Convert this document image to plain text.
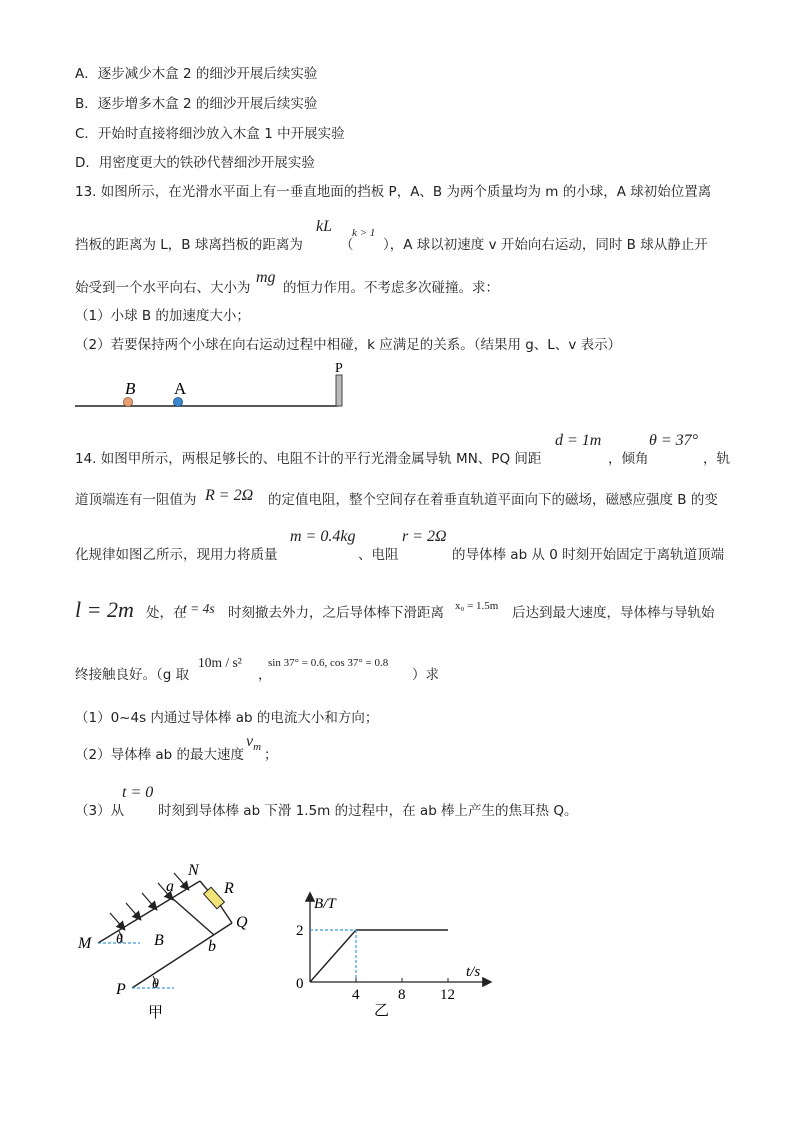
A．逐步减少木盒 2 的细沙开展后续实验
B．逐步增多木盒 2 的细沙开展后续实验
C．开始时直接将细沙放入木盒 1 中开展实验
D．用密度更大的铁砂代替细沙开展实验
13. 如图所示，在光滑水平面上有一垂直地面的挡板 P，A、B 为两个质量均为 m 的小球，A 球初始位置离
挡板的距离为 L，B 球离挡板的距离为
kL
（
k > 1
），A 球以初速度 v 开始向右运动，同时 B 球从静止开
始受到一个水平向右、大小为
mg
的恒力作用。不考虑多次碰撞。求：
（1）小球 B 的加速度大小；
（2）若要保持两个小球在向右运动过程中相碰，k 应满足的关系。（结果用 g、L、v 表示）
B A
P
14. 如图甲所示，两根足够长的、电阻不计的平行光滑金属导轨 MN、PQ 间距
d = 1m
，倾角
θ = 37°
，轨
道顶端连有一阻值为 R = 2Ω 的定值电阻，整个空间存在着垂直轨道平面向下的磁场，磁感应强度 B 的变
化规律如图乙所示，现用力将质量
m = 0.4kg
、电阻
r = 2Ω
的导体棒 ab 从 0 时刻开始固定于离轨道顶端
l = 2m 处，在
t = 4s 时刻撤去外力，之后导体棒下滑距离 x₀ = 1.5m 后达到最大速度，导体棒与导轨始
终接触良好。（g 取
10m / s²
，
sin 37° = 0.6, cos 37° = 0.8
）求
（1）0~4s 内通过导体棒 ab 的电流大小和方向；
（2）导体棒 ab 的最大速度
$v_m$ ；
（3）从
t = 0
时刻到导体棒 ab 下滑 1.5m 的过程中，在 ab 棒上产生的焦耳热 Q。
M
N
P
Q
R
a
b
B
θ
θ
甲
B/T
t/s
0
4	8 12
2
乙
